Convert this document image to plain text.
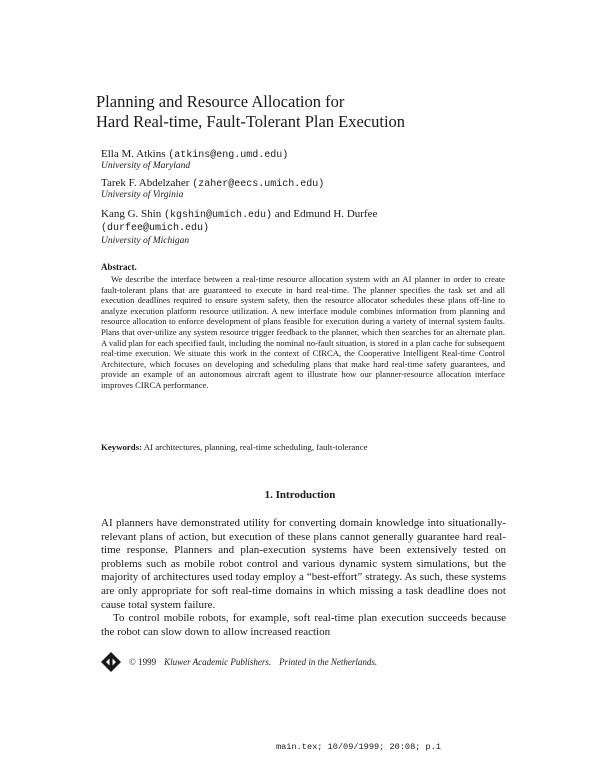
Planning and Resource Allocation for
Hard Real-time, Fault-Tolerant Plan Execution
Ella M. Atkins (atkins@eng.umd.edu)
University of Maryland
Tarek F. Abdelzaher (zaher@eecs.umich.edu)
University of Virginia
Kang G. Shin (kgshin@umich.edu) and Edmund H. Durfee
(durfee@umich.edu)
University of Michigan
Abstract.
We describe the interface between a real-time resource allocation system with an AI planner in order to create fault-tolerant plans that are guaranteed to execute in hard real-time. The planner specifies the task set and all execution deadlines required to ensure system safety, then the resource allocator schedules these plans off-line to analyze execution platform resource utilization. A new interface module combines information from planning and resource allocation to enforce development of plans feasible for execution during a variety of internal system faults. Plans that over-utilize any system resource trigger feedback to the planner, which then searches for an alternate plan. A valid plan for each specified fault, including the nominal no-fault situation, is stored in a plan cache for subsequent real-time execution. We situate this work in the context of CIRCA, the Cooperative Intelligent Real-time Control Architecture, which focuses on developing and scheduling plans that make hard real-time safety guarantees, and provide an example of an autonomous aircraft agent to illustrate how our planner-resource allocation interface improves CIRCA performance.
Keywords: AI architectures, planning, real-time scheduling, fault-tolerance
1. Introduction

AI planners have demonstrated utility for converting domain knowledge into situationally-relevant plans of action, but execution of these plans cannot generally guarantee hard real-time response. Planners and plan-execution systems have been extensively tested on problems such as mobile robot control and various dynamic system simulations, but the majority of architectures used today employ a “best-effort” strategy. As such, these systems are only appropriate for soft real-time domains in which missing a task deadline does not cause total system failure.

To control mobile robots, for example, soft real-time plan execution succeeds because the robot can slow down to allow increased reaction

© 1999 Kluwer Academic Publishers. Printed in the Netherlands.
main.tex; 10/09/1999; 20:08; p.1
